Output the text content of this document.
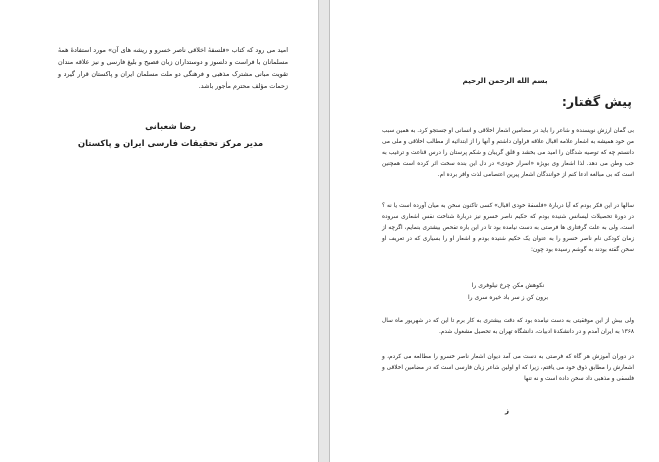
امید می رود که کتاب «فلسفهٔ اخلاقی ناصر خسرو و ریشه های آن» مورد استفادهٔ همهٔ مسلمانان با فراست و دلسوز و دوستداران زبان فصیح و بلیغ فارسی و نیز علاقه مندان تقویت مبانی مشترک مذهبی و فرهنگی دو ملت مسلمان ایران و پاکستان قرار گیرد و زحمات مؤلف محترم مأجور باشد.
رضا شعبانی
مدیر مرکز تحقیقات فارسی ایران و پاکستان
بسم الله الرحمن الرحیم
پیش گفتار:
بی گمان ارزش نویسنده و شاعر را باید در مضامین اشعار اخلاقی و انسانی او جستجو کرد. به همین سبب من خود همیشه به اشعار علامه اقبال علاقه فراوان داشتم و آنها را از ابتدائیه از مطالب اخلاقی و ملی می دانستم چه که توصیه شدگان را امید می بخشد و قلق گریبان و شکم پرستان را درس قناعت و ترغیب به حب وطن می دهد. لذا اشعار وی بویژه «اسرار خودی» در دل این بنده سخت اثر کرده است همچنین است که بی مبالغه ادعا کنم از خوانندگان اشعار پیرین اعتصامی لذت وافر برده ام.
سالها در این فکر بودم که آیا دربارهٔ «فلسفهٔ خودی اقبال» کسی تاکنون سخن به میان آورده است یا نه ؟ در دورهٔ تحصیلات لیسانس شنیده بودم که حکیم ناصر خسرو نیز دربارهٔ شناخت نفس اشعاری سروده است، ولی به علت گرفتاری ها فرصتی به دست نیامده بود تا در این باره تفحص بیشتری بنمایم، اگرچه از زمان کودکی نام ناصر خسرو را به عنوان یک حکیم شنیده بودم و اشعار او را بسیاری که در تعریف او سخن گفته بودند به گوشم رسیده بود چون:
نکوهش مکن چرخ نیلوفری را
برون کن ز سر باد خیره سری را
ولی بیش از این موفقیتی به دست نیامده بود که دقت بیشتری به کار برم تا این که در شهریور ماه سال ۱۳۶۸ به ایران آمدم و در دانشکدهٔ ادبیات، دانشگاه تهران به تحصیل مشغول شدم.
در دوران آموزش هر گاه که فرصتی به دست می آمد دیوان اشعار ناصر خسرو را مطالعه می کردم، و اشعارش را مطابق ذوق خود می یافتم، زیرا که او اولین شاعر زبان فارسی است که در مضامین اخلاقی و فلسفی و مذهبی داد سخن داده است و نه تنها
ز
